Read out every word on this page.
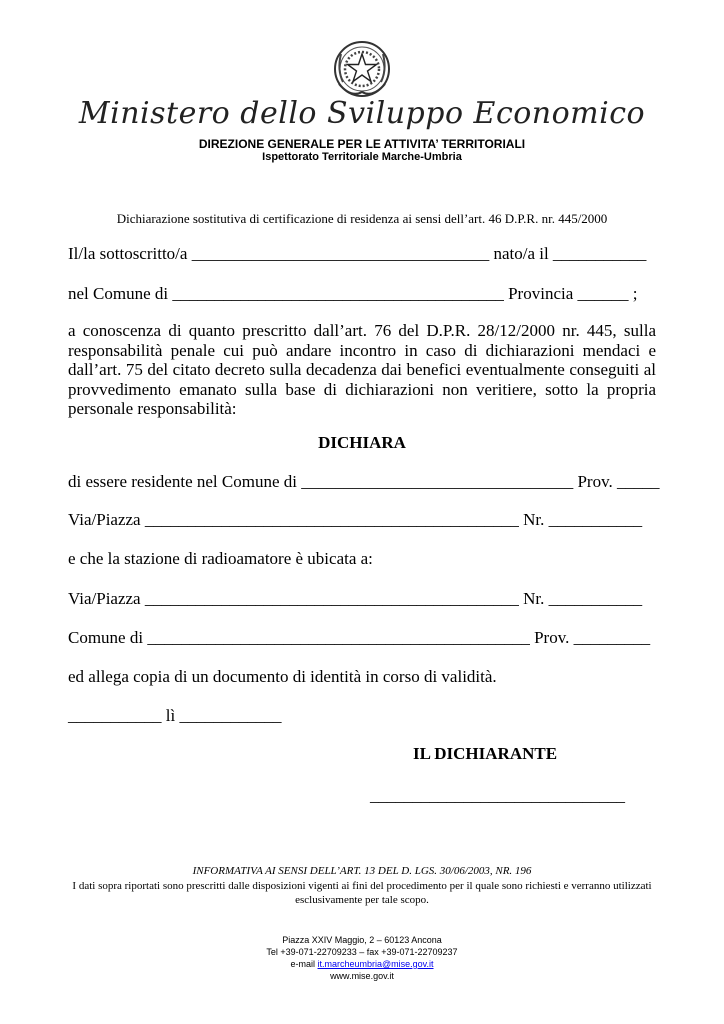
Ministero dello Sviluppo Economico
DIREZIONE GENERALE PER LE ATTIVITA’ TERRITORIALI
Ispettorato Territoriale Marche-Umbria
Dichiarazione sostitutiva di certificazione di residenza ai sensi dell’art. 46 D.P.R. nr. 445/2000
Il/la sottoscritto/a ___________________________________ nato/a il ___________
nel Comune di _______________________________________ Provincia ______ ;
a conoscenza di quanto prescritto dall’art. 76 del D.P.R. 28/12/2000 nr. 445, sulla responsabilità penale cui può andare incontro in caso di dichiarazioni mendaci e dall’art. 75 del citato decreto sulla decadenza dai benefici eventualmente conseguiti al provvedimento emanato sulla base di dichiarazioni non veritiere, sotto la propria personale responsabilità:
DICHIARA
di essere residente nel Comune di ________________________________ Prov. _____
Via/Piazza ____________________________________________ Nr. ___________
e che la stazione di radioamatore è ubicata a:
Via/Piazza ____________________________________________ Nr. ___________
Comune di _____________________________________________ Prov. _________
ed allega copia di un documento di identità in corso di validità.
___________ lì ____________
IL DICHIARANTE
______________________________
INFORMATIVA AI SENSI DELL’ART. 13 DEL D. LGS. 30/06/2003, NR. 196
I dati sopra riportati sono prescritti dalle disposizioni vigenti ai fini del procedimento per il quale sono richiesti e verranno utilizzati esclusivamente per tale scopo.
Piazza XXIV Maggio, 2 – 60123 Ancona
Tel +39-071-22709233 – fax +39-071-22709237
e-mail it.marcheumbria@mise.gov.it
www.mise.gov.it
